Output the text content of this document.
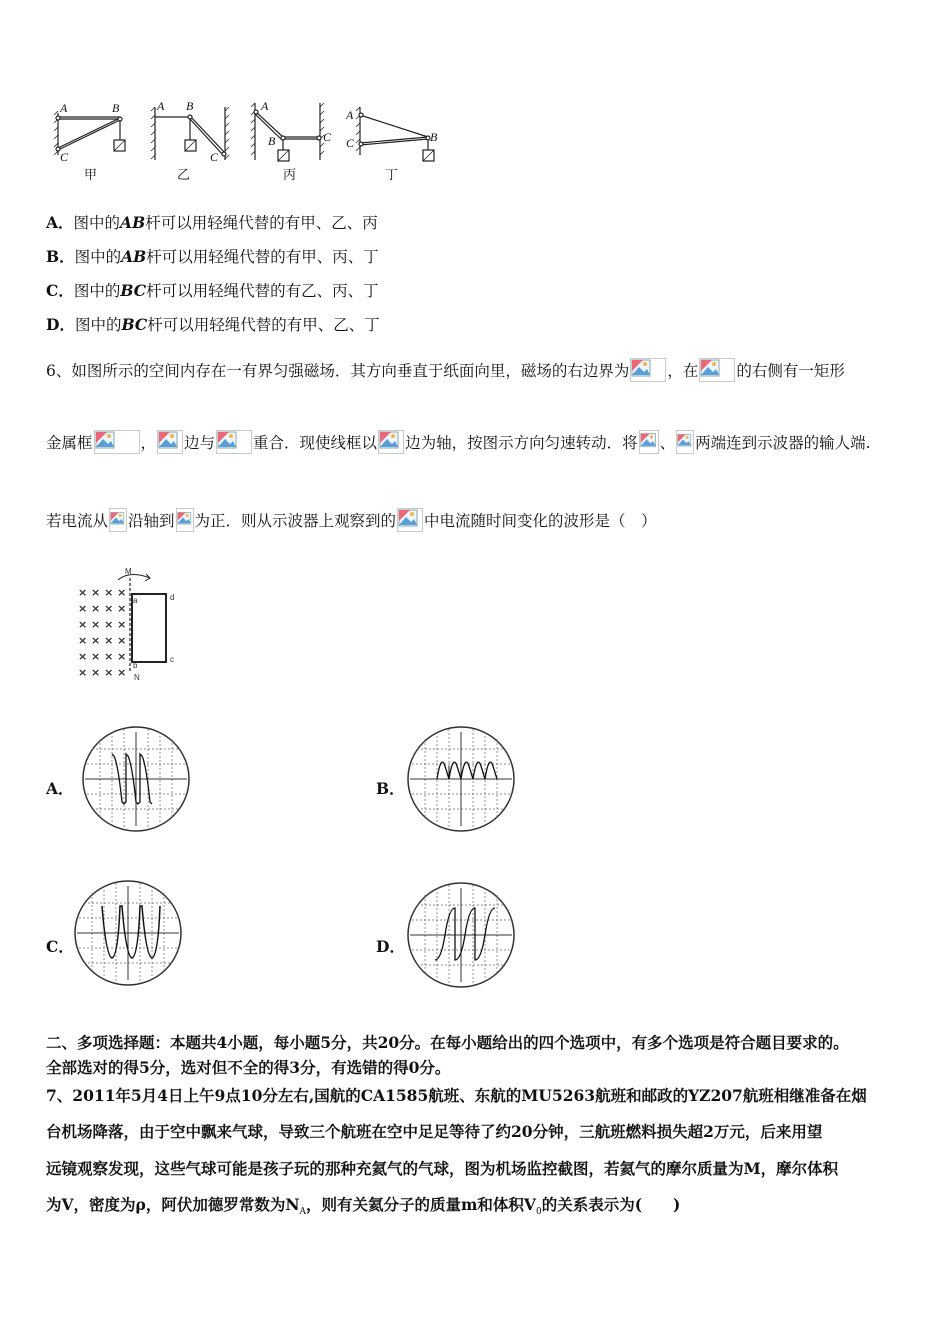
A	B
C
A B
C
A
B	C
A
C	B
甲	乙	丙	丁
A．图中的AB杆可以用轻绳代替的有甲、乙、丙
B．图中的AB杆可以用轻绳代替的有甲、丙、丁
C．图中的BC杆可以用轻绳代替的有乙、丙、丁
D．图中的BC杆可以用轻绳代替的有甲、乙、丁
6、如图所示的空间内存在一有界匀强磁场．其方向垂直于纸面向里，磁场的右边界为 ，在 的右侧有一矩形
金属框	， 边与 重合．现使线框以 边为轴，按图示方向匀速转动．将 、 两端连到示波器的输人端.
若电流从 沿轴到 为正．则从示波器上观察到的 中电流随时间变化的波形是（　）
× × × ×
× × × ×
× × × ×
× × × ×
× × × ×
× × × ×
M
N
a
b
c
d
A．	B．
C．	D．
二、多项选择题：本题共4小题，每小题5分，共20分。在每小题给出的四个选项中，有多个选项是符合题目要求的。
全部选对的得5分，选对但不全的得3分，有选错的得0分。
7、2011年5月4日上午9点10分左右,国航的CA1585航班、东航的MU5263航班和邮政的YZ207航班相继准备在烟
台机场降落，由于空中飘来气球，导致三个航班在空中足足等待了约20分钟，三航班燃料损失超2万元，后来用望
远镜观察发现，这些气球可能是孩子玩的那种充氦气的气球，图为机场监控截图，若氦气的摩尔质量为M，摩尔体积
为V，密度为ρ，阿伏加德罗常数为$N_A$，则有关氦分子的质量m和体积$V_0$的关系表示为(　　)
